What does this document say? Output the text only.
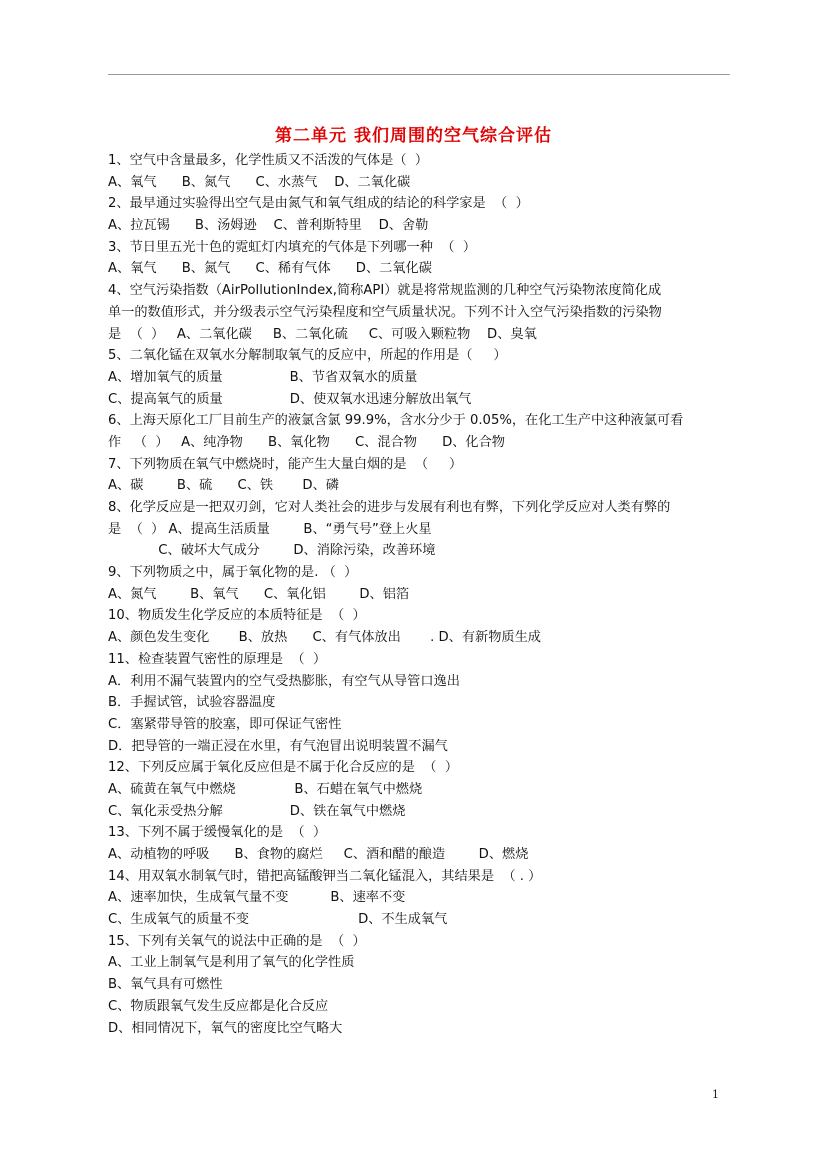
第二单元 我们周围的空气综合评估
1、空气中含量最多，化学性质又不活泼的气体是（  ）
A、氧气      B、氮气      C、水蒸气    D、二氧化碳
2、最早通过实验得出空气是由氮气和氧气组成的结论的科学家是  （  ）
A、拉瓦锡      B、汤姆逊    C、普利斯特里    D、舍勒
3、节日里五光十色的霓虹灯内填充的气体是下列哪一种  （  ）
A、氧气      B、氮气      C、稀有气体      D、二氧化碳
4、空气污染指数（AirPollutionIndex,简称API）就是将常规监测的几种空气污染物浓度简化成
单一的数值形式，并分级表示空气污染程度和空气质量状况。下列不计入空气污染指数的污染物
是  （  ）   A、二氧化碳     B、二氧化硫     C、可吸入颗粒物    D、臭氧
5、二氧化锰在双氧水分解制取氧气的反应中，所起的作用是（     ）
A、增加氧气的质量                B、节省双氧水的质量
C、提高氧气的质量                D、使双氧水迅速分解放出氧气
6、上海天原化工厂目前生产的液氯含氯 99.9%，含水分少于 0.05%，在化工生产中这种液氯可看
作   （  ）   A、纯净物      B、氧化物      C、混合物      D、化合物
7、下列物质在氧气中燃烧时，能产生大量白烟的是  （     ）
A、碳        B、硫      C、铁       D、磷
8、化学反应是一把双刃剑，它对人类社会的进步与发展有利也有弊，下列化学反应对人类有弊的
是  （  ） A、提高生活质量        B、“勇气号”登上火星
C、破坏大气成分        D、消除污染，改善环境
9、下列物质之中，属于氧化物的是. （  ）
A、氮气        B、氧气      C、氧化铝        D、铝箔
10、物质发生化学反应的本质特征是  （  ）
A、颜色发生变化       B、放热      C、有气体放出       . D、有新物质生成
11、检查装置气密性的原理是  （  ）
A．利用不漏气装置内的空气受热膨胀，有空气从导管口逸出
B．手握试管，试验容器温度
C．塞紧带导管的胶塞，即可保证气密性
D．把导管的一端正浸在水里，有气泡冒出说明装置不漏气
12、下列反应属于氧化反应但是不属于化合反应的是  （  ）
A、硫黄在氧气中燃烧              B、石蜡在氧气中燃烧
C、氧化汞受热分解                D、铁在氧气中燃烧
13、下列不属于缓慢氧化的是  （  ）
A、动植物的呼吸      B、食物的腐烂     C、酒和醋的酿造        D、燃烧
14、用双氧水制氧气时，错把高锰酸钾当二氧化锰混入，其结果是  （ . ）
A、速率加快，生成氧气量不变          B、速率不变
C、生成氧气的质量不变                          D、不生成氧气
15、下列有关氧气的说法中正确的是  （  ）
A、工业上制氧气是利用了氧气的化学性质
B、氧气具有可燃性
C、物质跟氧气发生反应都是化合反应
D、相同情况下，氧气的密度比空气略大
1
